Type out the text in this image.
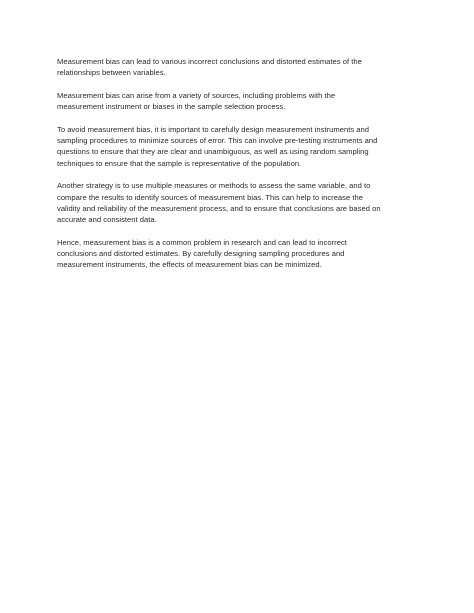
Measurement bias can lead to various incorrect conclusions and distorted estimates of the
relationships between variables.

Measurement bias can arise from a variety of sources, including problems with the
measurement instrument or biases in the sample selection process.

To avoid measurement bias, it is important to carefully design measurement instruments and
sampling procedures to minimize sources of error. This can involve pre-testing instruments and
questions to ensure that they are clear and unambiguous, as well as using random sampling
techniques to ensure that the sample is representative of the population.

Another strategy is to use multiple measures or methods to assess the same variable, and to
compare the results to identify sources of measurement bias. This can help to increase the
validity and reliability of the measurement process, and to ensure that conclusions are based on
accurate and consistent data.

Hence, measurement bias is a common problem in research and can lead to incorrect
conclusions and distorted estimates. By carefully designing sampling procedures and
measurement instruments, the effects of measurement bias can be minimized.
